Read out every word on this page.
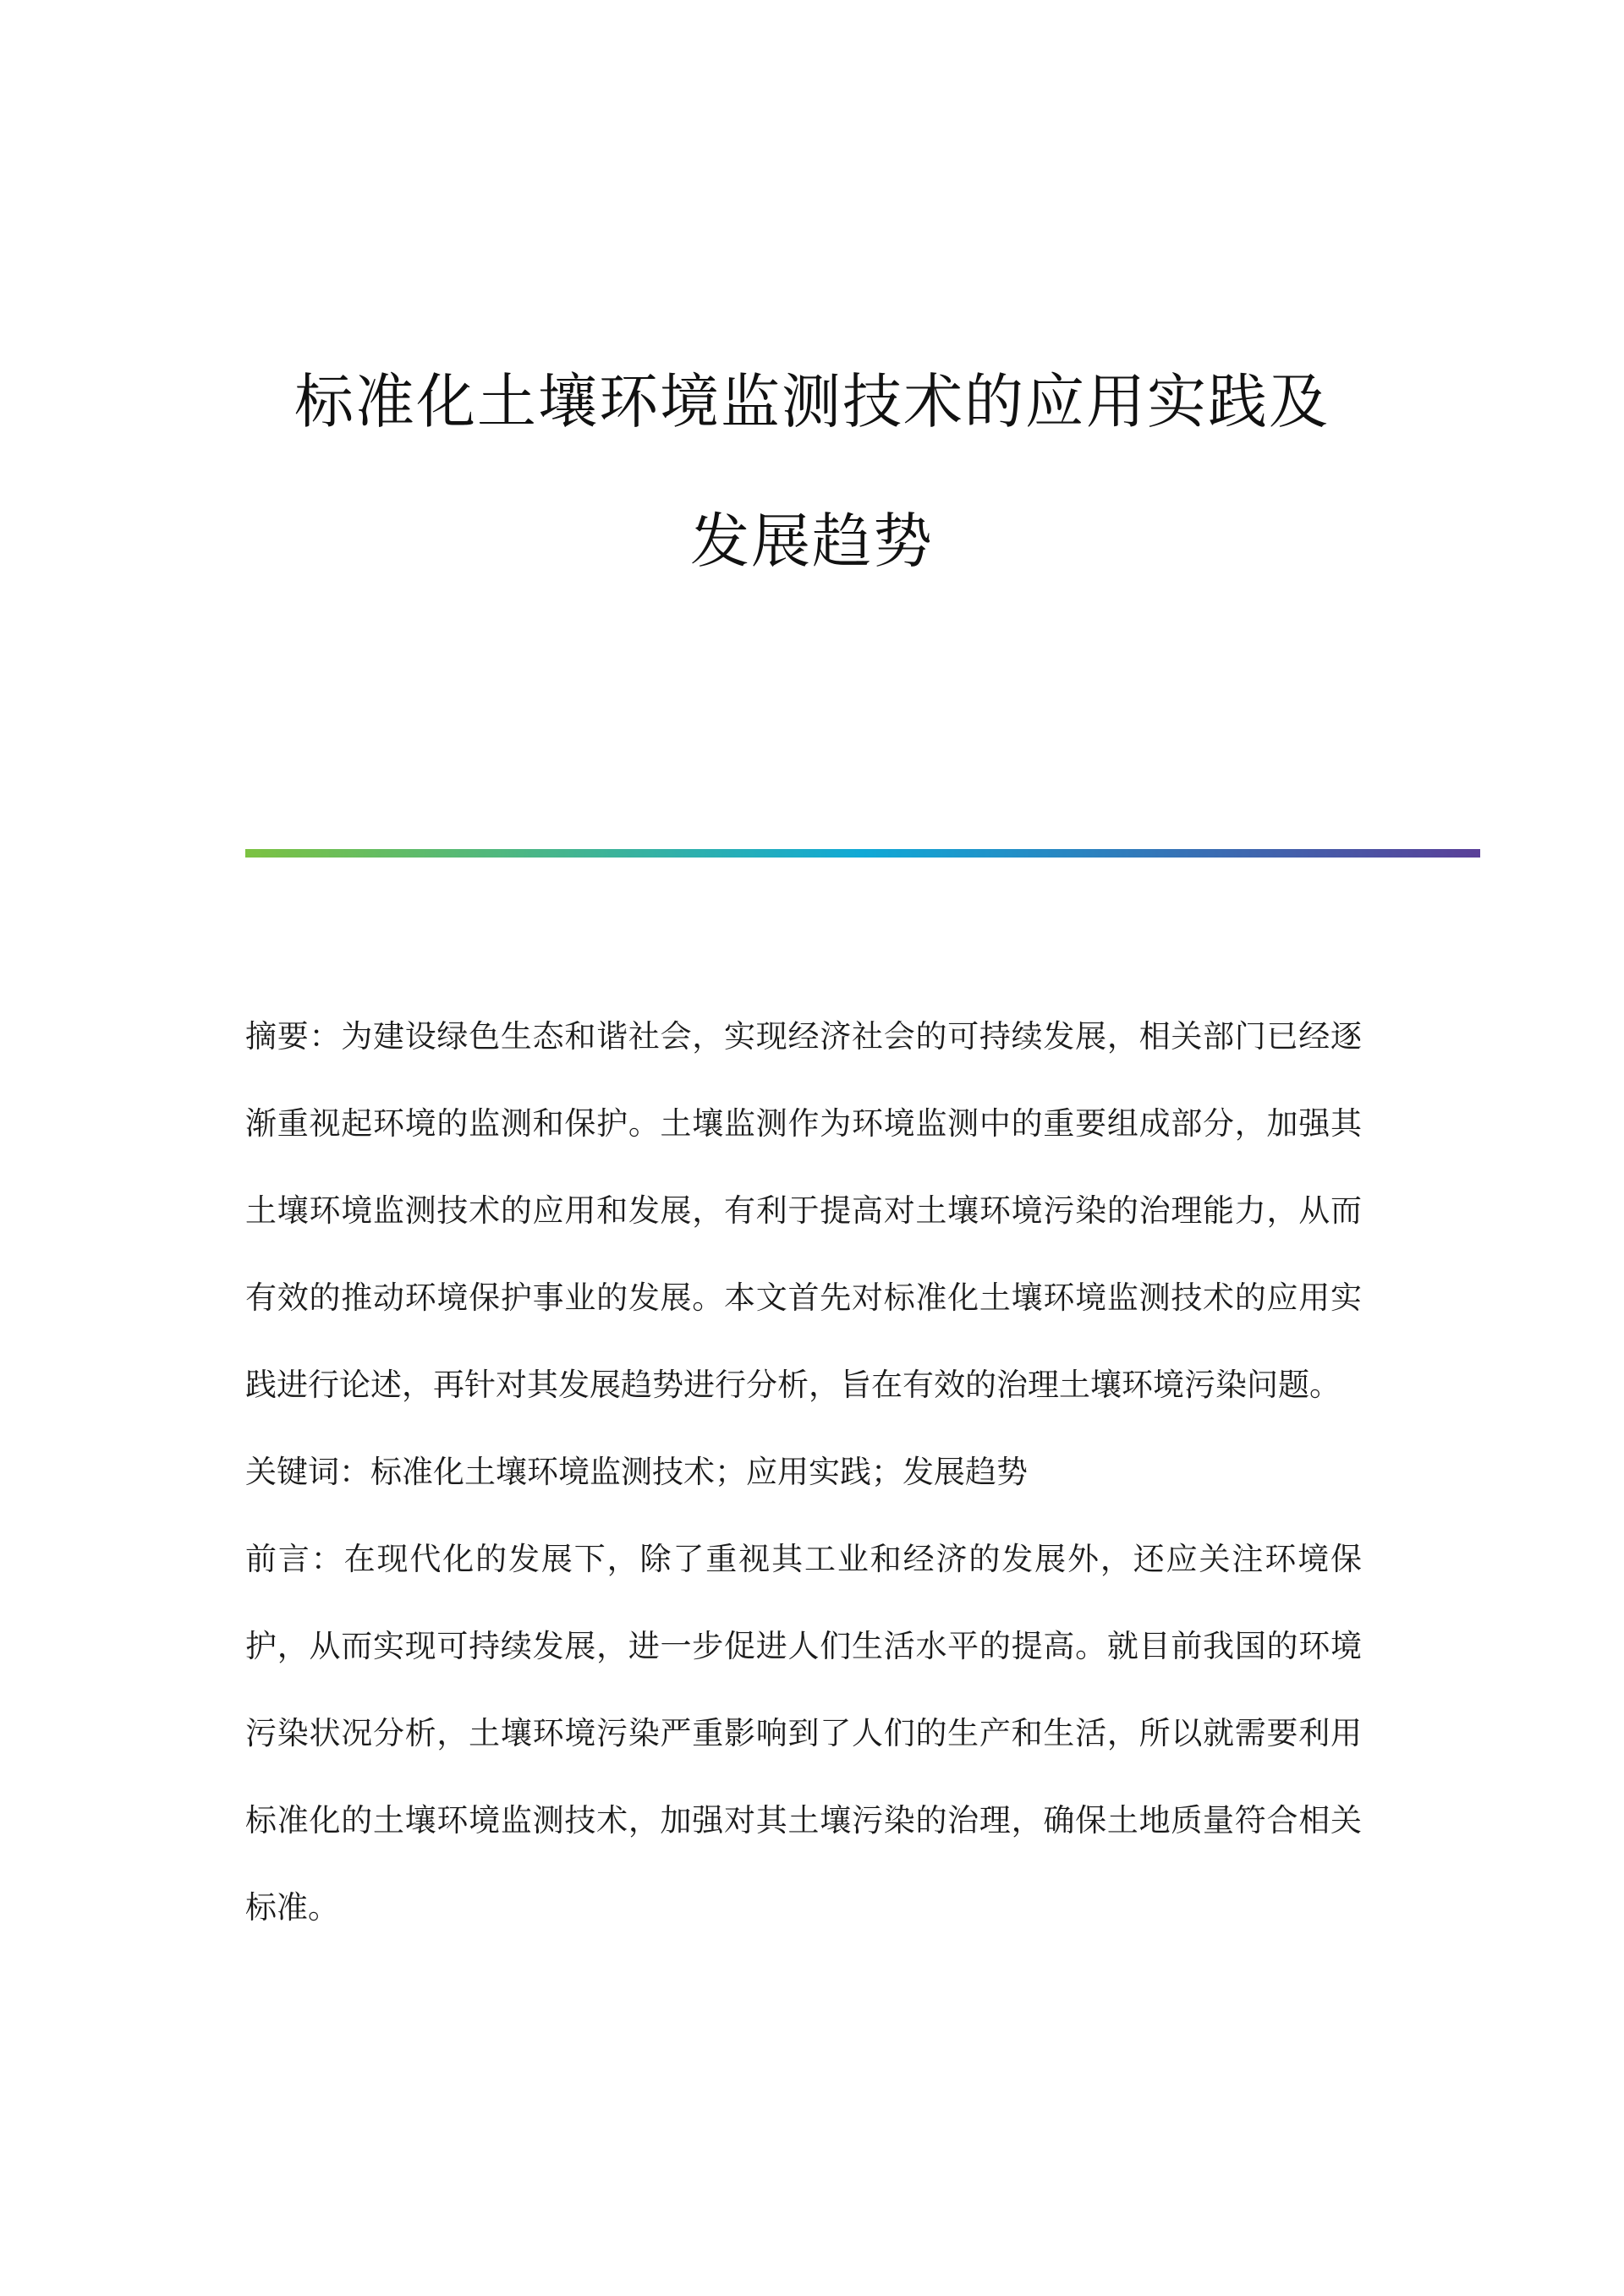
标准化土壤环境监测技术的应用实践及
发展趋势

摘要：为建设绿色生态和谐社会，实现经济社会的可持续发展，相关部门已经逐渐重视起环境的监测和保护。土壤监测作为环境监测中的重要组成部分，加强其土壤环境监测技术的应用和发展，有利于提高对土壤环境污染的治理能力，从而有效的推动环境保护事业的发展。本文首先对标准化土壤环境监测技术的应用实践进行论述，再针对其发展趋势进行分析，旨在有效的治理土壤环境污染问题。

关键词：标准化土壤环境监测技术；应用实践；发展趋势

前言：在现代化的发展下，除了重视其工业和经济的发展外，还应关注环境保护，从而实现可持续发展，进一步促进人们生活水平的提高。就目前我国的环境污染状况分析，土壤环境污染严重影响到了人们的生产和生活，所以就需要利用标准化的土壤环境监测技术，加强对其土壤污染的治理，确保土地质量符合相关标准。
